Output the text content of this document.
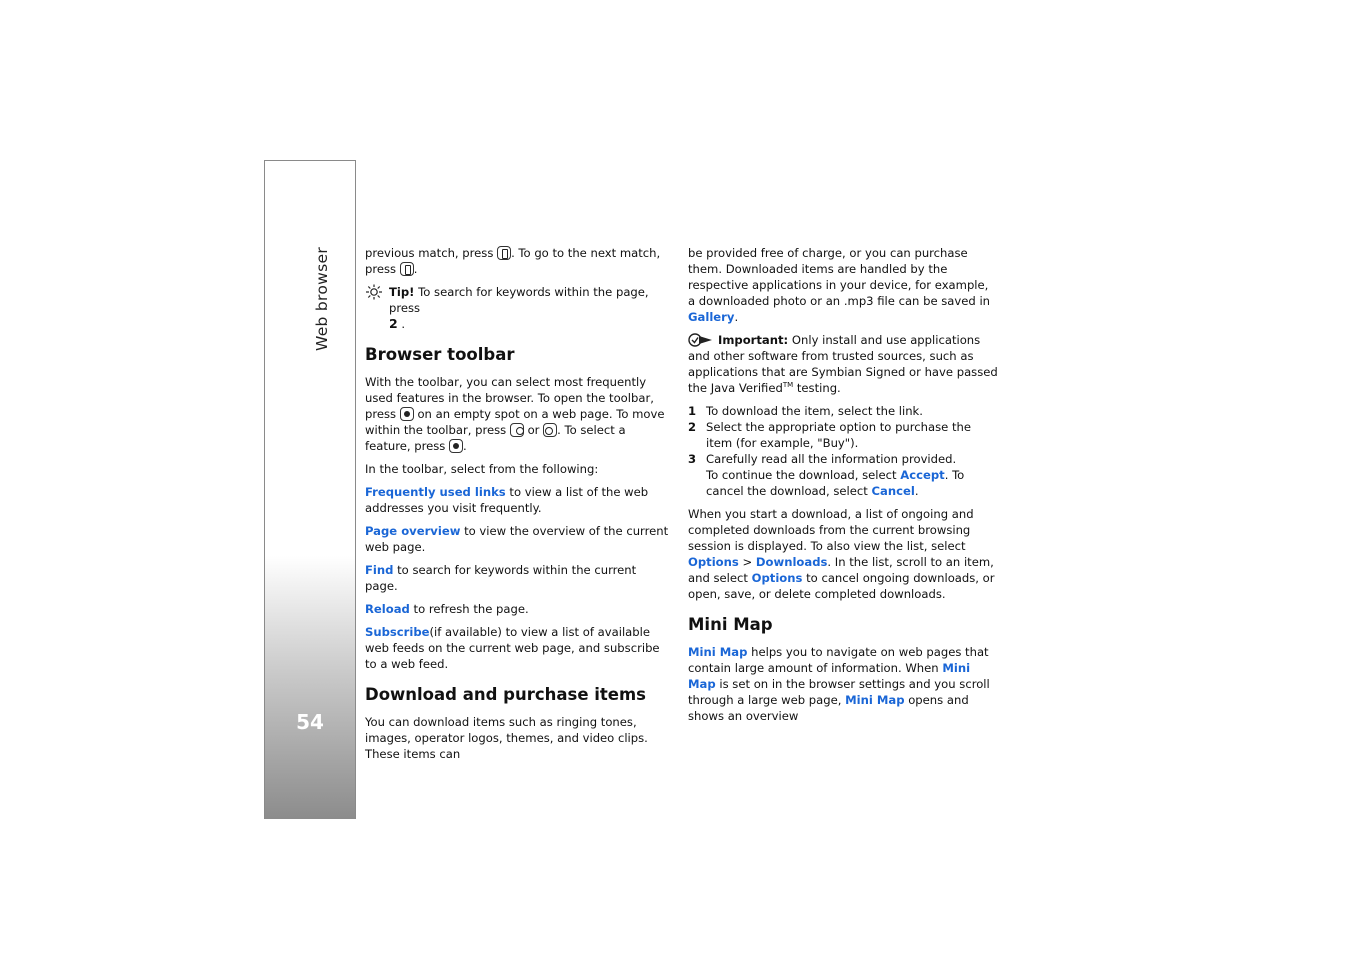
Web browser
54

previous match, press . To go to the next match, press .

Tip! To search for keywords within the page, press
2 .
Browser toolbar

With the toolbar, you can select most frequently used features in the browser. To open the toolbar, press  on an empty spot on a web page. To move within the toolbar, press  or . To select a feature, press .

In the toolbar, select from the following:

Frequently used links to view a list of the web addresses you visit frequently.

Page overview to view the overview of the current web page.

Find to search for keywords within the current page.

Reload to refresh the page.

Subscribe(if available) to view a list of available web feeds on the current web page, and subscribe to a web feed.

Download and purchase items

You can download items such as ringing tones, images, operator logos, themes, and video clips. These items can

be provided free of charge, or you can purchase them. Downloaded items are handled by the respective applications in your device, for example, a downloaded photo or an .mp3 file can be saved in Gallery.

Important: Only install and use applications and other software from trusted sources, such as applications that are Symbian Signed or have passed the Java Verified™ testing.

1 To download the item, select the link.
2 Select the appropriate option to purchase the item (for example, "Buy").
3 Carefully read all the information provided.
To continue the download, select Accept. To cancel the download, select Cancel.

When you start a download, a list of ongoing and completed downloads from the current browsing session is displayed. To also view the list, select Options > Downloads. In the list, scroll to an item, and select Options to cancel ongoing downloads, or open, save, or delete completed downloads.

Mini Map

Mini Map helps you to navigate on web pages that contain large amount of information. When Mini Map is set on in the browser settings and you scroll through a large web page, Mini Map opens and shows an overview
